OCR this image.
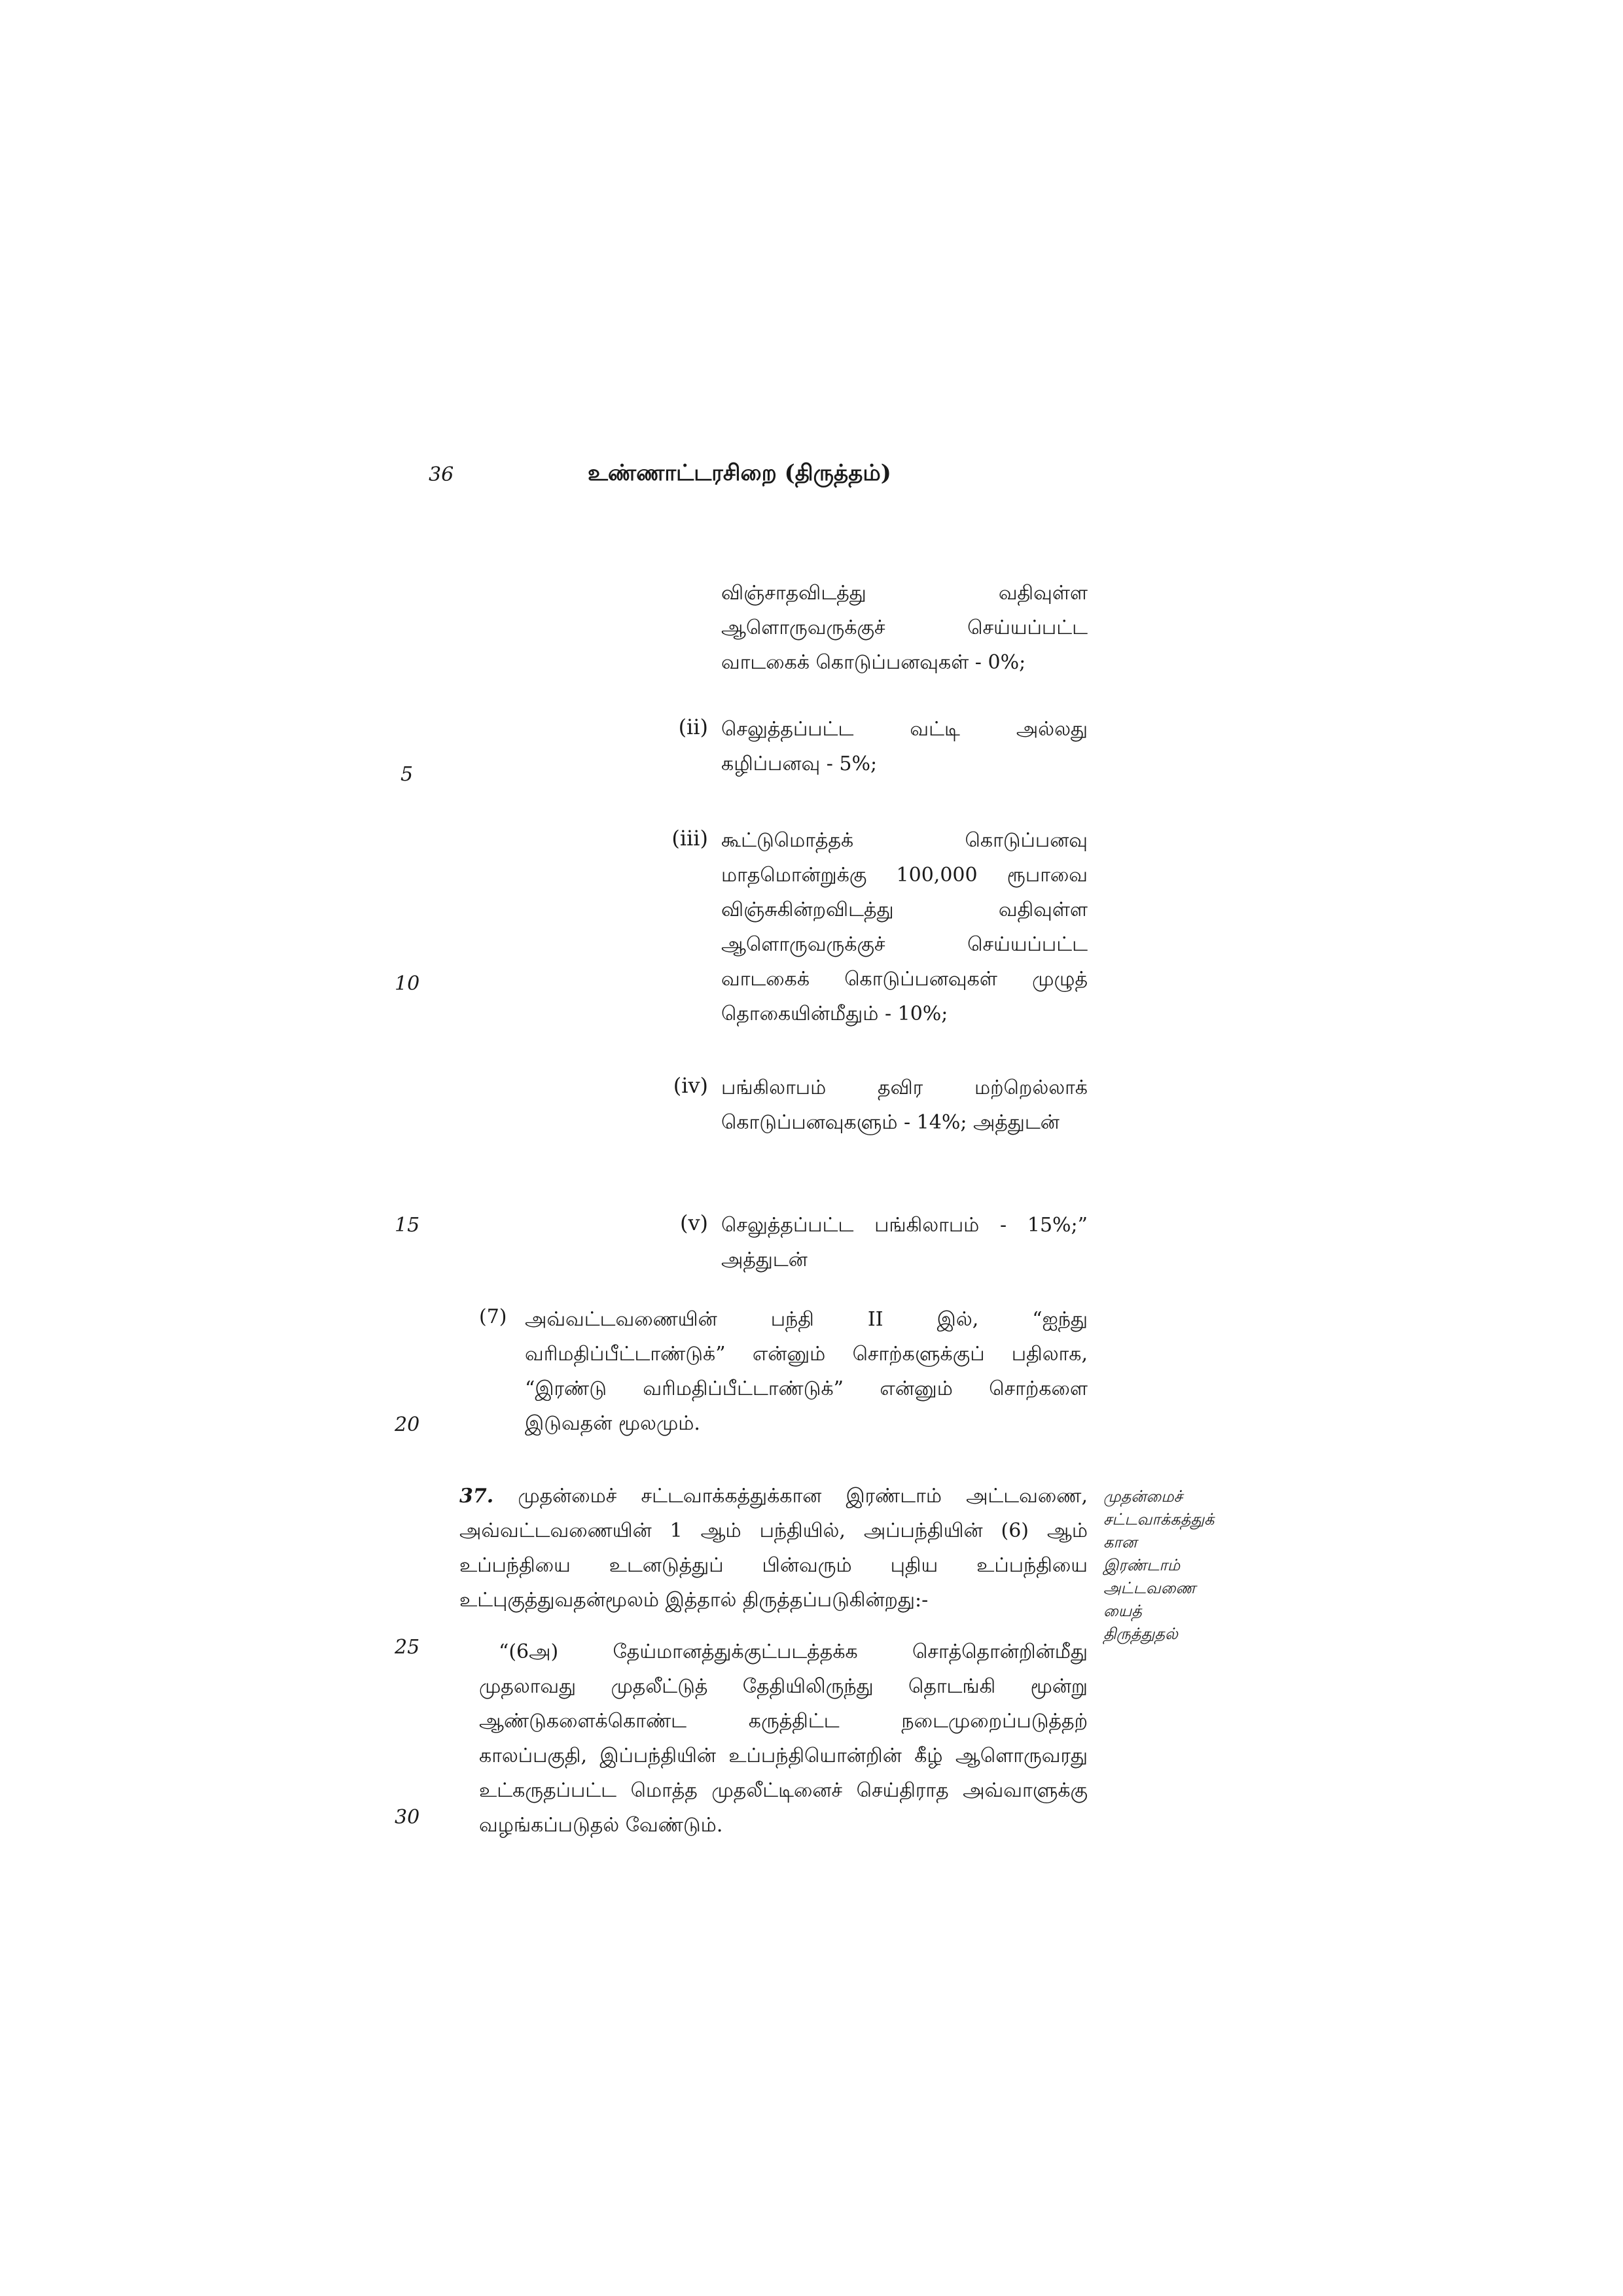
36	உண்ணாட்டரசிறை (திருத்தம்)
5
10
15
20
25
30
விஞ்சாதவிடத்து வதிவுள்ள ஆளொருவருக்குச் செய்யப்பட்ட வாடகைக் கொடுப்பனவுகள் - 0%;
(ii) செலுத்தப்பட்ட வட்டி அல்லது கழிப்பனவு - 5%;
(iii) கூட்டுமொத்தக் கொடுப்பனவு மாதமொன்றுக்கு 100,000 ரூபாவை விஞ்சுகின்றவிடத்து வதிவுள்ள ஆளொருவருக்குச் செய்யப்பட்ட வாடகைக் கொடுப்பனவுகள் முழுத் தொகையின்மீதும் - 10%;
(iv) பங்கிலாபம் தவிர மற்றெல்லாக் கொடுப்பனவுகளும் - 14%; அத்துடன்
(v) செலுத்தப்பட்ட பங்கிலாபம் - 15%;” அத்துடன்
(7) அவ்வட்டவணையின் பந்தி II இல், “ஐந்து வரிமதிப்பீட்டாண்டுக்” என்னும் சொற்களுக்குப் பதிலாக, “இரண்டு வரிமதிப்பீட்டாண்டுக்” என்னும் சொற்களை இடுவதன் மூலமும்.
37. முதன்மைச் சட்டவாக்கத்துக்கான இரண்டாம் அட்டவணை, அவ்வட்டவணையின் 1 ஆம் பந்தியில், அப்பந்தியின் (6) ஆம் உப்பந்தியை உடனடுத்துப் பின்வரும் புதிய உப்பந்தியை உட்புகுத்துவதன்மூலம் இத்தால் திருத்தப்படுகின்றது:-
முதன்மைச்
சட்டவாக்கத்துக்
கான
இரண்டாம்
அட்டவணை
யைத்
திருத்துதல்
“(6அ) தேய்மானத்துக்குட்படத்தக்க சொத்தொன்றின்மீது முதலாவது முதலீட்டுத் தேதியிலிருந்து தொடங்கி மூன்று ஆண்டுகளைக்கொண்ட கருத்திட்ட நடைமுறைப்படுத்தற் காலப்பகுதி, இப்பந்தியின் உப்பந்தியொன்றின் கீழ் ஆளொருவரது உட்கருதப்பட்ட மொத்த முதலீட்டினைச் செய்திராத அவ்வாளுக்கு வழங்கப்படுதல் வேண்டும்.
